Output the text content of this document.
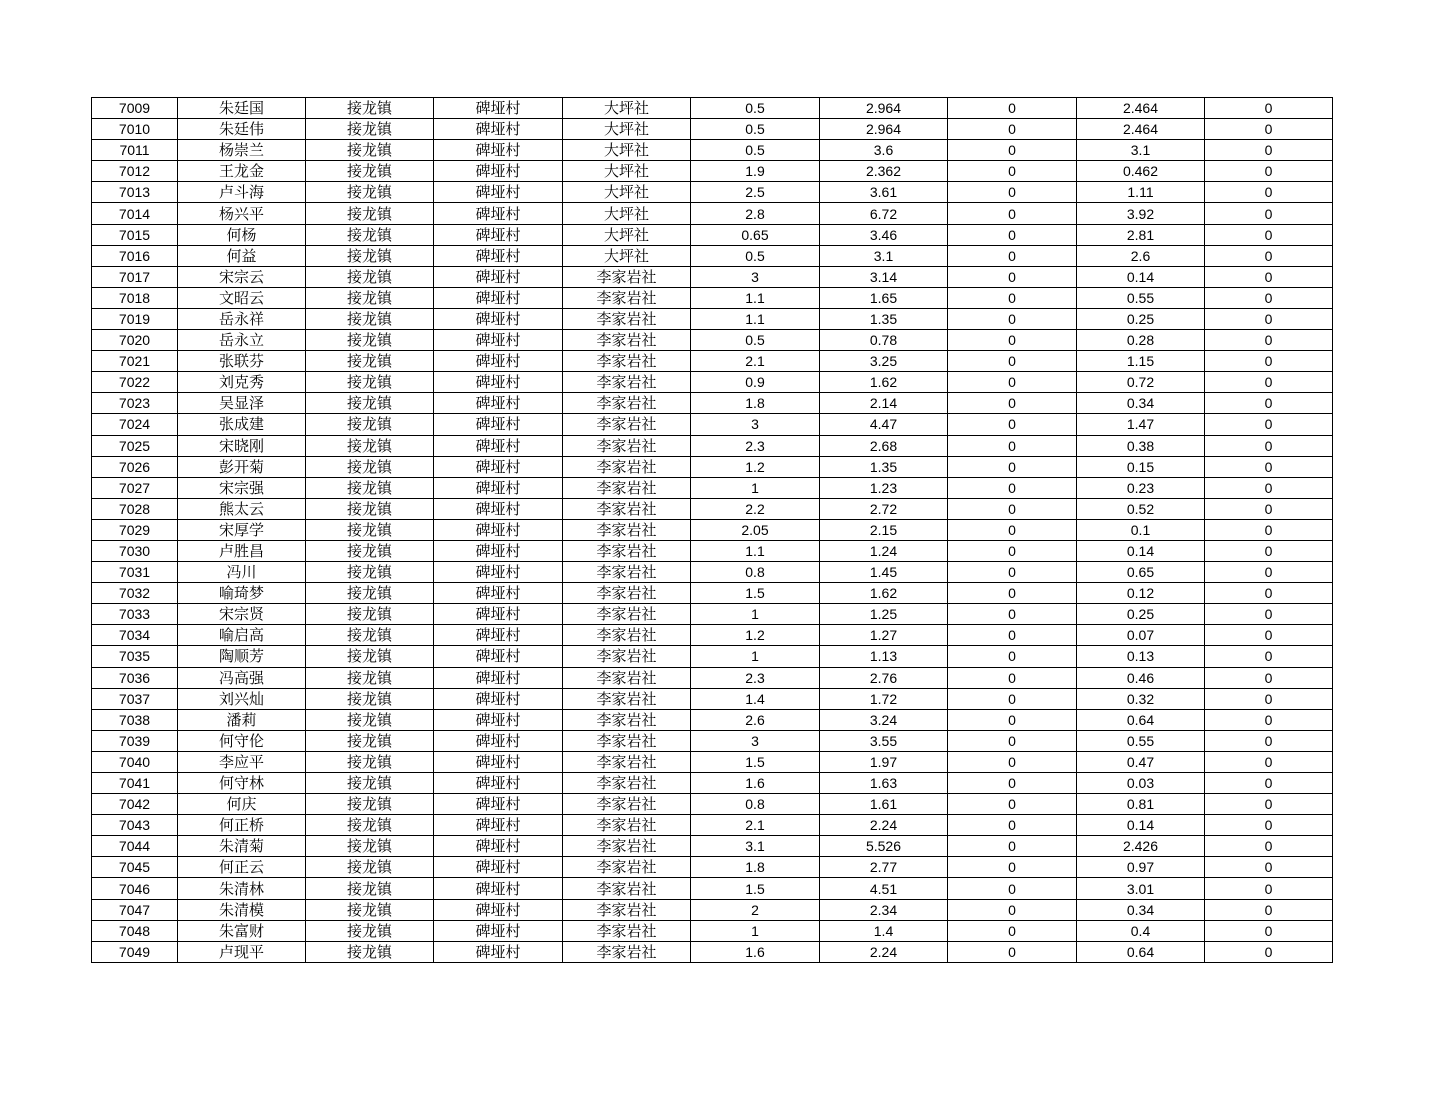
7009	朱廷国	接龙镇	碑垭村	大坪社	0.5	2.964	0	2.464	0
7010	朱廷伟	接龙镇	碑垭村	大坪社	0.5	2.964	0	2.464	0
7011	杨崇兰	接龙镇	碑垭村	大坪社	0.5	3.6	0	3.1	0
7012	王龙金	接龙镇	碑垭村	大坪社	1.9	2.362	0	0.462	0
7013	卢斗海	接龙镇	碑垭村	大坪社	2.5	3.61	0	1.11	0
7014	杨兴平	接龙镇	碑垭村	大坪社	2.8	6.72	0	3.92	0
7015	何杨	接龙镇	碑垭村	大坪社	0.65	3.46	0	2.81	0
7016	何益	接龙镇	碑垭村	大坪社	0.5	3.1	0	2.6	0
7017	宋宗云	接龙镇	碑垭村	李家岩社	3	3.14	0	0.14	0
7018	文昭云	接龙镇	碑垭村	李家岩社	1.1	1.65	0	0.55	0
7019	岳永祥	接龙镇	碑垭村	李家岩社	1.1	1.35	0	0.25	0
7020	岳永立	接龙镇	碑垭村	李家岩社	0.5	0.78	0	0.28	0
7021	张联芬	接龙镇	碑垭村	李家岩社	2.1	3.25	0	1.15	0
7022	刘克秀	接龙镇	碑垭村	李家岩社	0.9	1.62	0	0.72	0
7023	吴显泽	接龙镇	碑垭村	李家岩社	1.8	2.14	0	0.34	0
7024	张成建	接龙镇	碑垭村	李家岩社	3	4.47	0	1.47	0
7025	宋晓刚	接龙镇	碑垭村	李家岩社	2.3	2.68	0	0.38	0
7026	彭开菊	接龙镇	碑垭村	李家岩社	1.2	1.35	0	0.15	0
7027	宋宗强	接龙镇	碑垭村	李家岩社	1	1.23	0	0.23	0
7028	熊太云	接龙镇	碑垭村	李家岩社	2.2	2.72	0	0.52	0
7029	宋厚学	接龙镇	碑垭村	李家岩社	2.05	2.15	0	0.1	0
7030	卢胜昌	接龙镇	碑垭村	李家岩社	1.1	1.24	0	0.14	0
7031	冯川	接龙镇	碑垭村	李家岩社	0.8	1.45	0	0.65	0
7032	喻琦梦	接龙镇	碑垭村	李家岩社	1.5	1.62	0	0.12	0
7033	宋宗贤	接龙镇	碑垭村	李家岩社	1	1.25	0	0.25	0
7034	喻启高	接龙镇	碑垭村	李家岩社	1.2	1.27	0	0.07	0
7035	陶顺芳	接龙镇	碑垭村	李家岩社	1	1.13	0	0.13	0
7036	冯高强	接龙镇	碑垭村	李家岩社	2.3	2.76	0	0.46	0
7037	刘兴灿	接龙镇	碑垭村	李家岩社	1.4	1.72	0	0.32	0
7038	潘莉	接龙镇	碑垭村	李家岩社	2.6	3.24	0	0.64	0
7039	何守伦	接龙镇	碑垭村	李家岩社	3	3.55	0	0.55	0
7040	李应平	接龙镇	碑垭村	李家岩社	1.5	1.97	0	0.47	0
7041	何守林	接龙镇	碑垭村	李家岩社	1.6	1.63	0	0.03	0
7042	何庆	接龙镇	碑垭村	李家岩社	0.8	1.61	0	0.81	0
7043	何正桥	接龙镇	碑垭村	李家岩社	2.1	2.24	0	0.14	0
7044	朱清菊	接龙镇	碑垭村	李家岩社	3.1	5.526	0	2.426	0
7045	何正云	接龙镇	碑垭村	李家岩社	1.8	2.77	0	0.97	0
7046	朱清林	接龙镇	碑垭村	李家岩社	1.5	4.51	0	3.01	0
7047	朱清模	接龙镇	碑垭村	李家岩社	2	2.34	0	0.34	0
7048	朱富财	接龙镇	碑垭村	李家岩社	1	1.4	0	0.4	0
7049	卢现平	接龙镇	碑垭村	李家岩社	1.6	2.24	0	0.64	0
